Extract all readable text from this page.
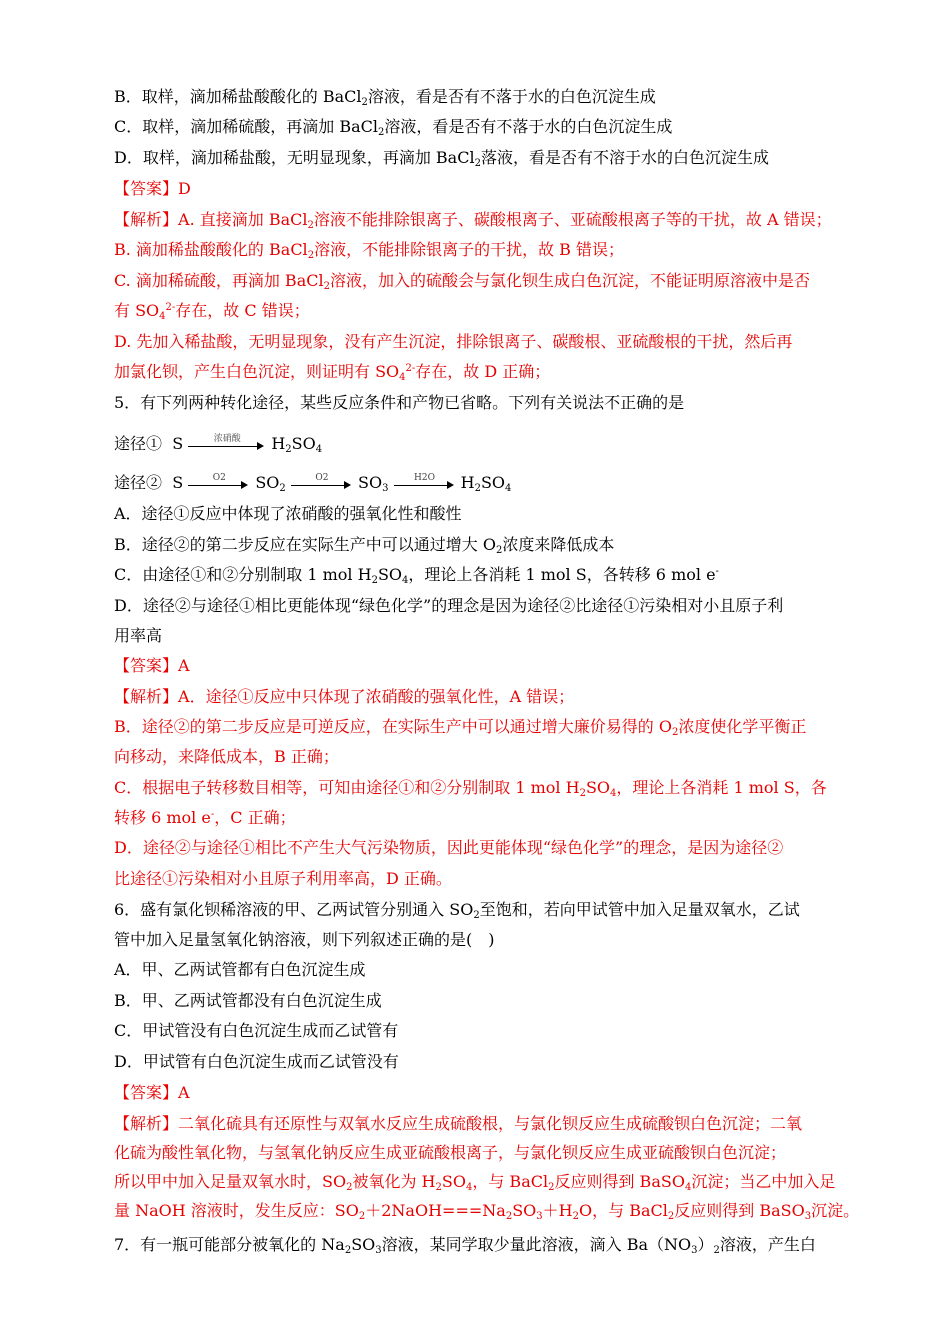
B．取样，滴加稀盐酸酸化的 BaCl$_2$溶液，看是否有不落于水的白色沉淀生成
C．取样，滴加稀硫酸，再滴加 BaCl$_2$溶液，看是否有不落于水的白色沉淀生成
D．取样，滴加稀盐酸，无明显现象，再滴加 BaCl$_2$落液，看是否有不溶于水的白色沉淀生成
【答案】D
【解析】A. 直接滴加 BaCl$_2$溶液不能排除银离子、碳酸根离子、亚硫酸根离子等的干扰，故 A 错误；
B. 滴加稀盐酸酸化的 BaCl$_2$溶液，不能排除银离子的干扰，故 B 错误；
C. 滴加稀硫酸，再滴加 BaCl$_2$溶液，加入的硫酸会与氯化钡生成白色沉淀，不能证明原溶液中是否
有 $SO_4^{2-}$存在，故 C 错误；
D. 先加入稀盐酸，无明显现象，没有产生沉淀，排除银离子、碳酸根、亚硫酸根的干扰，然后再
加氯化钡，产生白色沉淀，则证明有 $SO_4^{2-}$存在，故 D 正确；
5．有下列两种转化途径，某些反应条件和产物已省略。下列有关说法不正确的是
途径① S	浓硝酸	$H_2SO_4$
途径② S	O2	$SO_2$
O2	$SO_3$
H2O	$H_2SO_4$
A．途径①反应中体现了浓硝酸的强氧化性和酸性
B．途径②的第二步反应在实际生产中可以通过增大 $O_2$浓度来降低成本
C．由途径①和②分别制取 1 mol $H_2SO_4$，理论上各消耗 1 mol S，各转移 6 mol e-
D．途径②与途径①相比更能体现“绿色化学”的理念是因为途径②比途径①污染相对小且原子利
用率高
【答案】A
【解析】A．途径①反应中只体现了浓硝酸的强氧化性，A 错误；
B．途径②的第二步反应是可逆反应，在实际生产中可以通过增大廉价易得的 $O_2$浓度使化学平衡正
向移动，来降低成本，B 正确；
C．根据电子转移数目相等，可知由途径①和②分别制取 1 mol $H_2SO_4$，理论上各消耗 1 mol S，各
转移 6 mol e-，C 正确；
D．途径②与途径①相比不产生大气污染物质，因此更能体现“绿色化学”的理念，是因为途径②
比途径①污染相对小且原子利用率高，D 正确。
6．盛有氯化钡稀溶液的甲、乙两试管分别通入 $SO_2$至饱和，若向甲试管中加入足量双氧水，乙试
管中加入足量氢氧化钠溶液，则下列叙述正确的是(　)
A．甲、乙两试管都有白色沉淀生成
B．甲、乙两试管都没有白色沉淀生成
C．甲试管没有白色沉淀生成而乙试管有
D．甲试管有白色沉淀生成而乙试管没有
【答案】A
【解析】二氧化硫具有还原性与双氧水反应生成硫酸根，与氯化钡反应生成硫酸钡白色沉淀；二氧
化硫为酸性氧化物，与氢氧化钠反应生成亚硫酸根离子，与氯化钡反应生成亚硫酸钡白色沉淀；
所以甲中加入足量双氧水时，$SO_2$被氧化为 $H_2SO_4$，与 BaCl$_2$反应则得到 BaSO$_4$沉淀；当乙中加入足
量 NaOH 溶液时，发生反应：$SO_2+2NaOH===Na_2SO_3+H_2O$，与 BaCl$_2$反应则得到 BaSO$_3$沉淀。
7．有一瓶可能部分被氧化的 $Na_2SO_3$溶液，某同学取少量此溶液，滴入 $Ba(NO_3)_2$溶液，产生白
